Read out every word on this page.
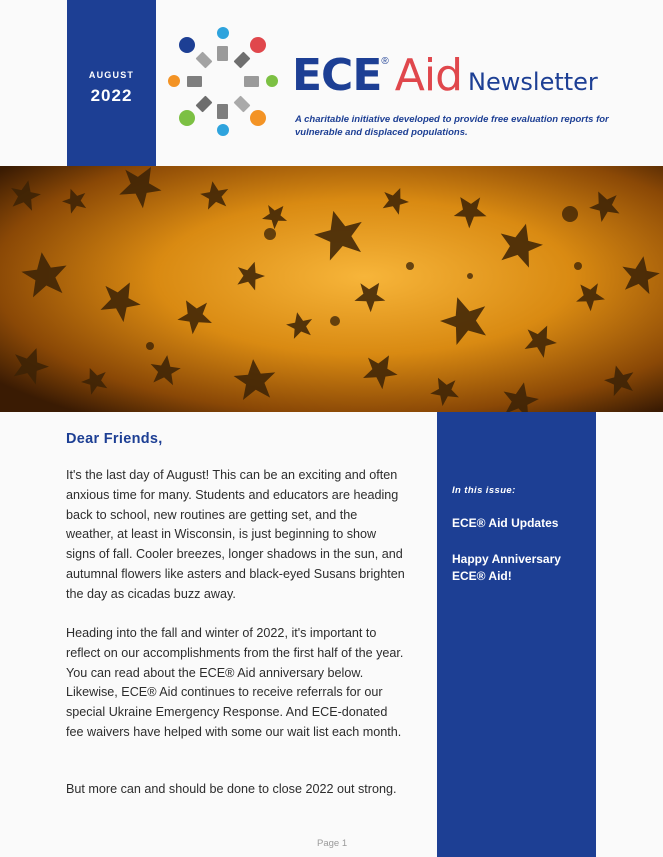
AUGUST
2022	ECE® Aid Newsletter
A charitable initiative developed to provide free evaluation reports for vulnerable and displaced populations.
Dear Friends,

It's the last day of August! This can be an exciting and often anxious time for many. Students and educators are heading back to school, new routines are getting set, and the weather, at least in Wisconsin, is just beginning to show signs of fall. Cooler breezes, longer shadows in the sun, and autumnal flowers like asters and black-eyed Susans brighten the day as cicadas buzz away.

Heading into the fall and winter of 2022, it's important to reflect on our accomplishments from the first half of the year. You can read about the ECE® Aid anniversary below. Likewise, ECE® Aid continues to receive referrals for our special Ukraine Emergency Response. And ECE-donated fee waivers have helped with some our wait list each month.

But more can and should be done to close 2022 out strong.

In this issue:
ECE® Aid Updates
Happy Anniversary ECE® Aid!
Page 1
